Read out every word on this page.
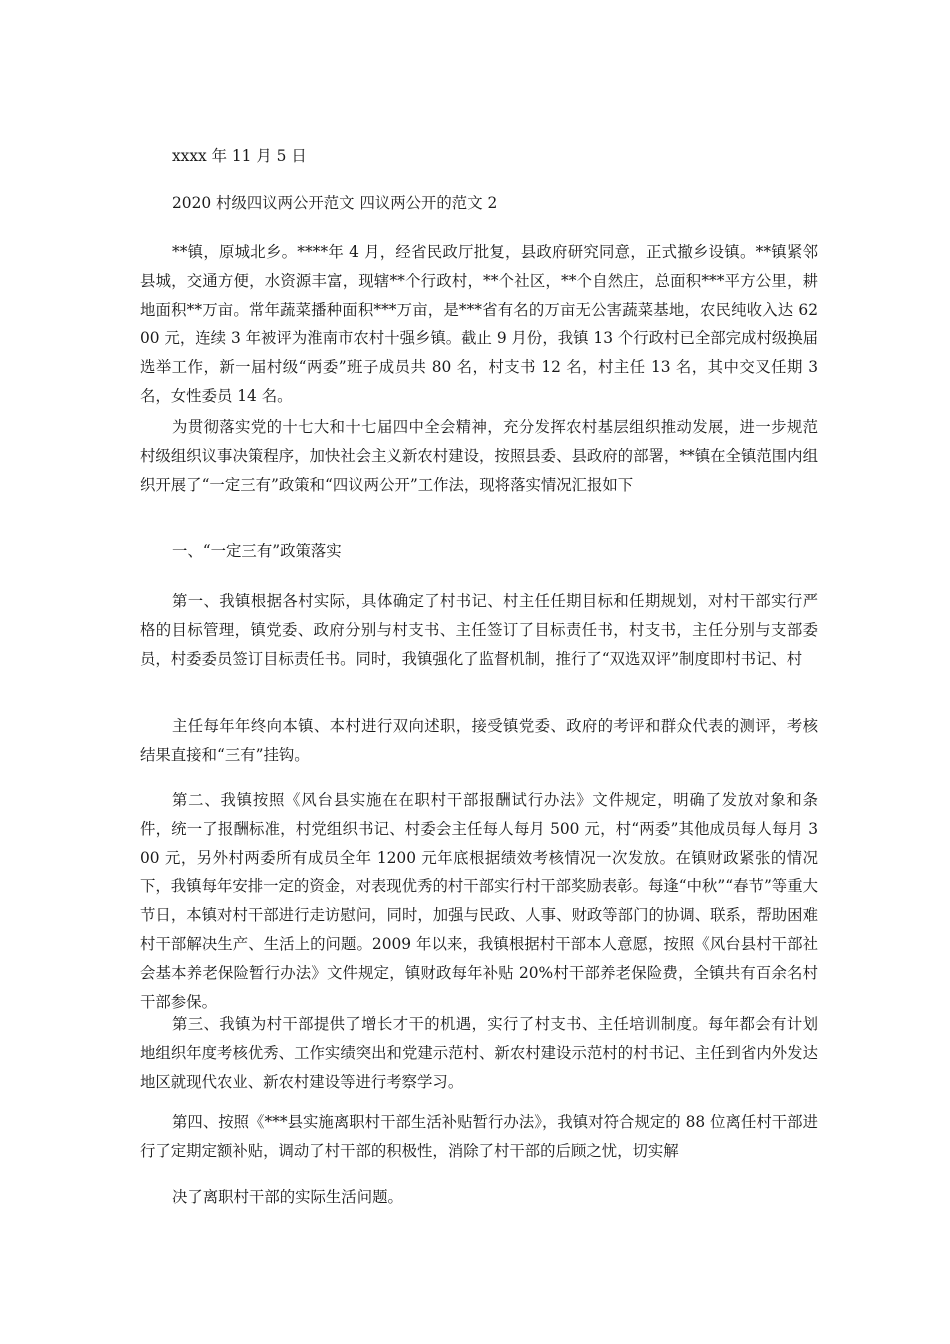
xxxx 年 11 月 5 日
2020 村级四议两公开范文 四议两公开的范文 2
**镇，原城北乡。****年 4 月，经省民政厅批复，县政府研究同意，正式撤乡设镇。**镇紧邻县城，交通方便，水资源丰富，现辖**个行政村，**个社区，**个自然庄，总面积***平方公里，耕地面积**万亩。常年蔬菜播种面积***万亩，是***省有名的万亩无公害蔬菜基地，农民纯收入达 6200 元，连续 3 年被评为淮南市农村十强乡镇。截止 9 月份，我镇 13 个行政村已全部完成村级换届选举工作，新一届村级“两委”班子成员共 80 名，村支书 12 名，村主任 13 名，其中交叉任期 3 名，女性委员 14 名。
为贯彻落实党的十七大和十七届四中全会精神，充分发挥农村基层组织推动发展，进一步规范村级组织议事决策程序，加快社会主义新农村建设，按照县委、县政府的部署，**镇在全镇范围内组织开展了“一定三有”政策和“四议两公开”工作法，现将落实情况汇报如下
一、“一定三有”政策落实
第一、我镇根据各村实际，具体确定了村书记、村主任任期目标和任期规划，对村干部实行严格的目标管理，镇党委、政府分别与村支书、主任签订了目标责任书，村支书，主任分别与支部委员，村委委员签订目标责任书。同时，我镇强化了监督机制，推行了“双选双评”制度即村书记、村
主任每年年终向本镇、本村进行双向述职，接受镇党委、政府的考评和群众代表的测评，考核结果直接和“三有”挂钩。
第二、我镇按照《风台县实施在在职村干部报酬试行办法》文件规定，明确了发放对象和条件，统一了报酬标准，村党组织书记、村委会主任每人每月 500 元，村“两委”其他成员每人每月 300 元，另外村两委所有成员全年 1200 元年底根据绩效考核情况一次发放。在镇财政紧张的情况下，我镇每年安排一定的资金，对表现优秀的村干部实行村干部奖励表彰。每逢“中秋”“春节”等重大节日，本镇对村干部进行走访慰问，同时，加强与民政、人事、财政等部门的协调、联系，帮助困难村干部解决生产、生活上的问题。2009 年以来，我镇根据村干部本人意愿，按照《风台县村干部社会基本养老保险暂行办法》文件规定，镇财政每年补贴 20%村干部养老保险费，全镇共有百余名村干部参保。
第三、我镇为村干部提供了增长才干的机遇，实行了村支书、主任培训制度。每年都会有计划地组织年度考核优秀、工作实绩突出和党建示范村、新农村建设示范村的村书记、主任到省内外发达地区就现代农业、新农村建设等进行考察学习。
第四、按照《***县实施离职村干部生活补贴暂行办法》，我镇对符合规定的 88 位离任村干部进行了定期定额补贴，调动了村干部的积极性，消除了村干部的后顾之忧，切实解
决了离职村干部的实际生活问题。
